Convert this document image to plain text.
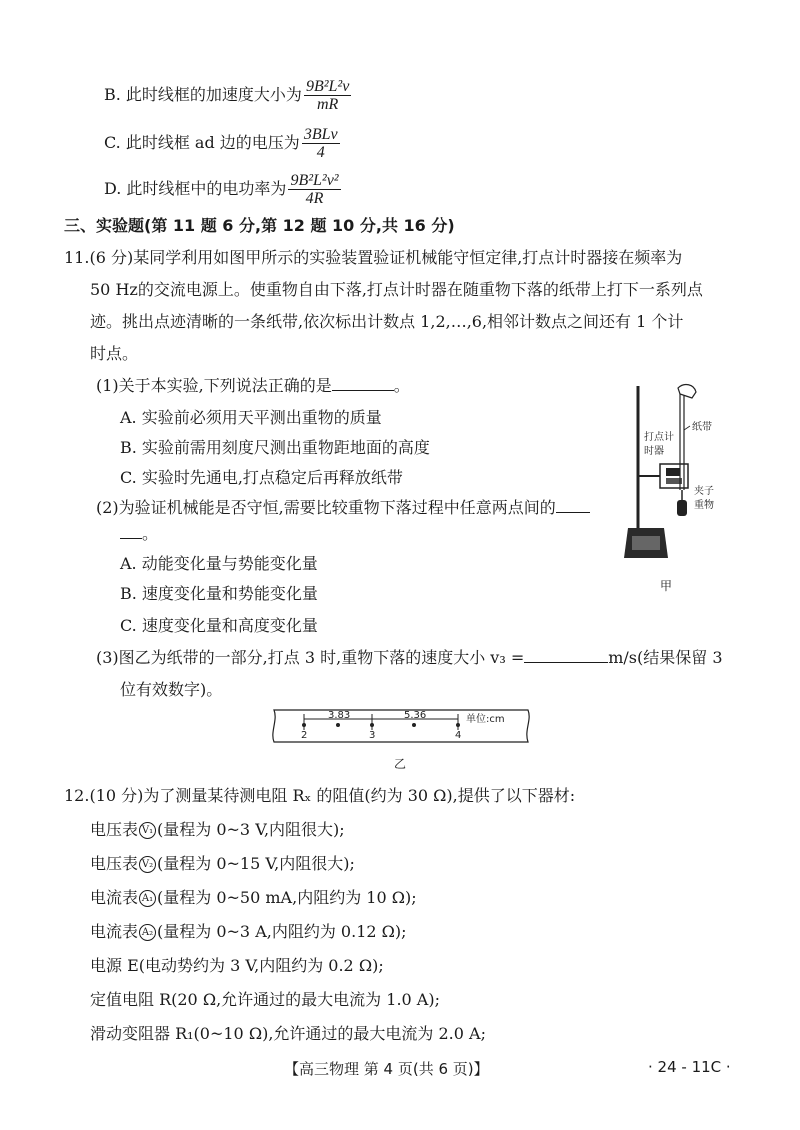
B. 此时线框的加速度大小为 $\frac{\text{9B²L²v}}{mR}$
C. 此时线框 ad 边的电压为 $\frac{\text{3BLv}}{4}$
D. 此时线框中的电功率为 $\frac{\text{9B²L²v²}}{4R}$
三、实验题(第 11 题 6 分,第 12 题 10 分,共 16 分)
11.(6 分)某同学利用如图甲所示的实验装置验证机械能守恒定律,打点计时器接在频率为
50 Hz的交流电源上。使重物自由下落,打点计时器在随重物下落的纸带上打下一系列点
迹。挑出点迹清晰的一条纸带,依次标出计数点 1,2,…,6,相邻计数点之间还有 1 个计
时点。
(1)关于本实验,下列说法正确的是	。
A. 实验前必须用天平测出重物的质量
B. 实验前需用刻度尺测出重物距地面的高度
C. 实验时先通电,打点稳定后再释放纸带
(2)为验证机械能是否守恒,需要比较重物下落过程中任意两点间的
。
A. 动能变化量与势能变化量
B. 速度变化量和势能变化量
C. 速度变化量和高度变化量
(3)图乙为纸带的一部分,打点 3 时,重物下落的速度大小 v₃ =	m/s(结果保留 3
位有效数字)。
纸带
打点计
时器
夹子
重物
甲
3.83	5.36	单位:cm
2	3	4
乙
12.(10 分)为了测量某待测电阻 Rₓ 的阻值(约为 30 Ω),提供了以下器材:
电压表 V₁ (量程为 0~3 V,内阻很大);
电压表 V₂ (量程为 0~15 V,内阻很大);
电流表 A₁ (量程为 0~50 mA,内阻约为 10 Ω);
电流表 A₂ (量程为 0~3 A,内阻约为 0.12 Ω);
电源 E(电动势约为 3 V,内阻约为 0.2 Ω);
定值电阻 R(20 Ω,允许通过的最大电流为 1.0 A);
滑动变阻器 R₁(0~10 Ω),允许通过的最大电流为 2.0 A;
【高三物理 第 4 页(共 6 页)】	· 24 - 11C ·
